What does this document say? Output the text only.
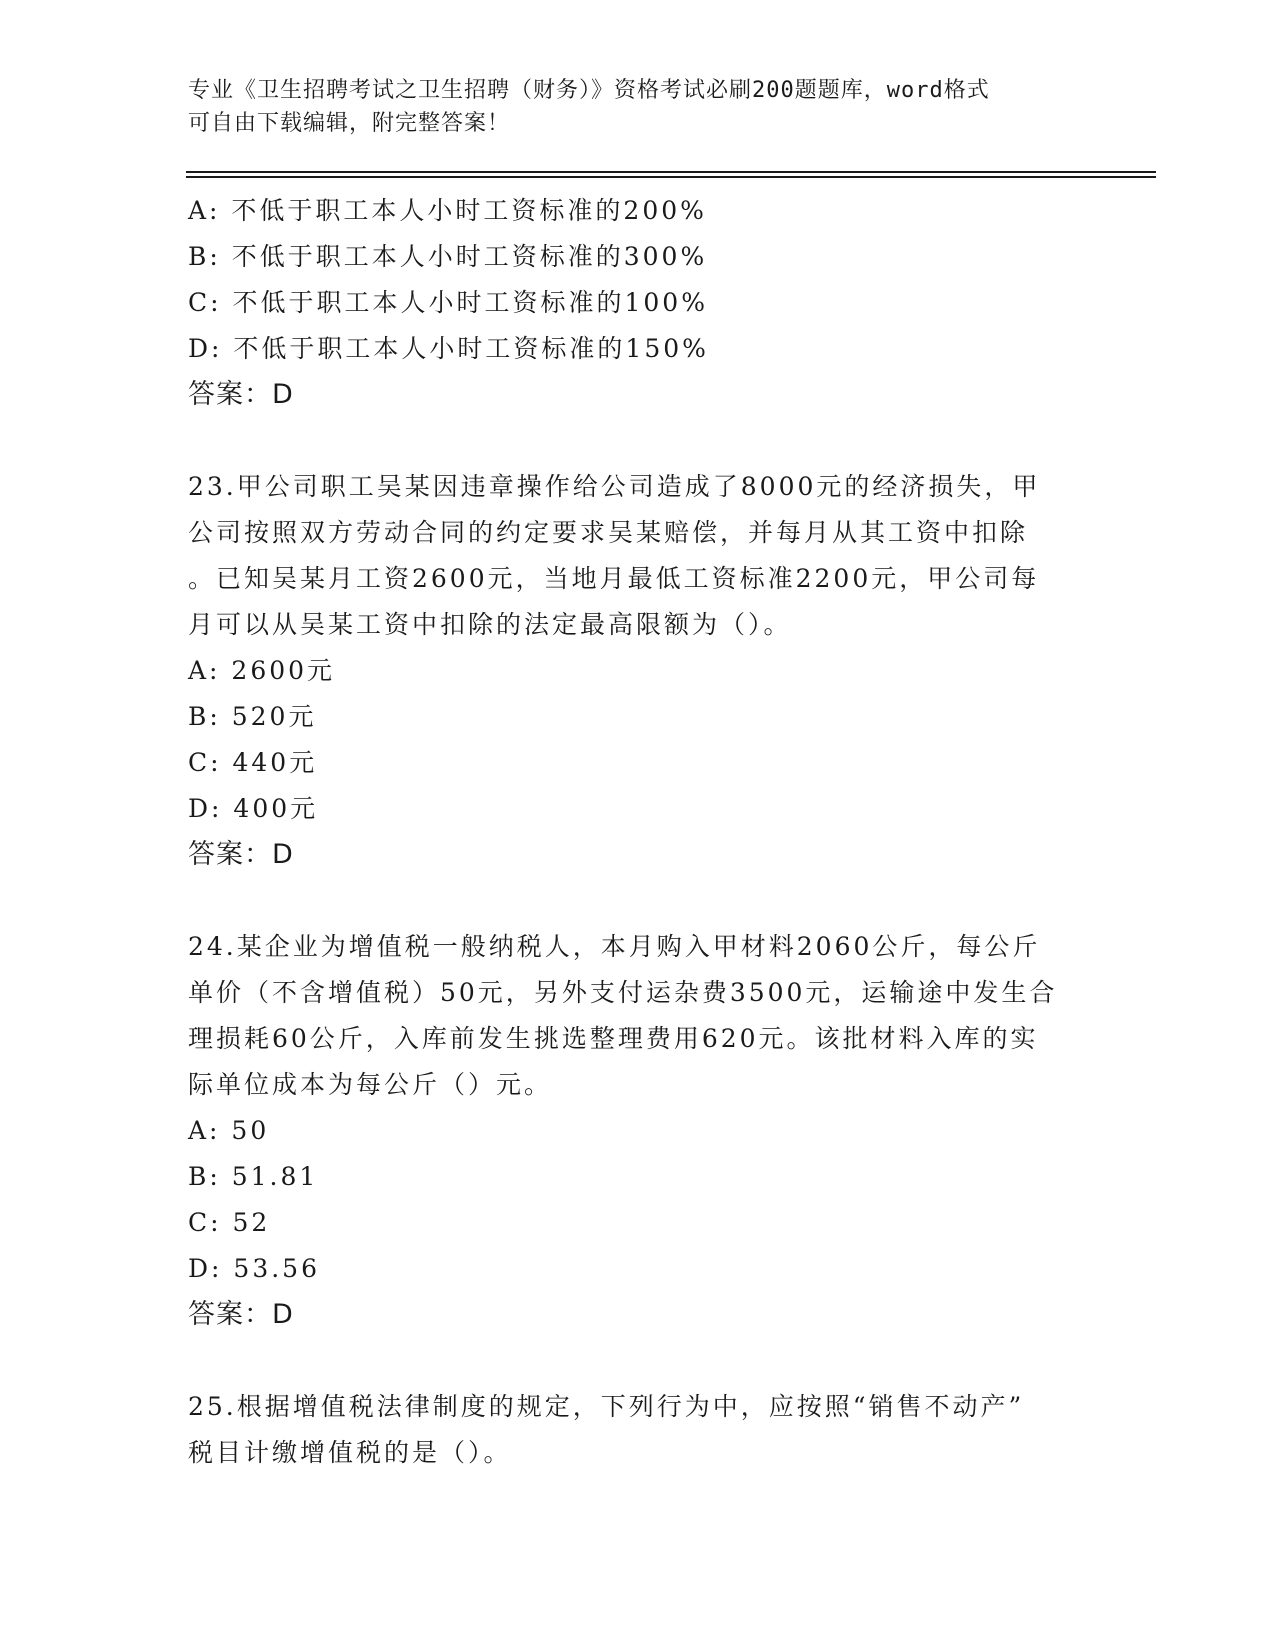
专业《卫生招聘考试之卫生招聘（财务）》资格考试必刷200题题库，word格式
可自由下载编辑，附完整答案！
A: 不低于职工本人小时工资标准的200%
B: 不低于职工本人小时工资标准的300%
C: 不低于职工本人小时工资标准的100%
D: 不低于职工本人小时工资标准的150%
答案：D
23.甲公司职工吴某因违章操作给公司造成了8000元的经济损失，甲
公司按照双方劳动合同的约定要求吴某赔偿，并每月从其工资中扣除
。已知吴某月工资2600元，当地月最低工资标准2200元，甲公司每
月可以从吴某工资中扣除的法定最高限额为（）。
A: 2600元
B: 520元
C: 440元
D: 400元
答案：D
24.某企业为增值税一般纳税人，本月购入甲材料2060公斤，每公斤
单价（不含增值税）50元，另外支付运杂费3500元，运输途中发生合
理损耗60公斤，入库前发生挑选整理费用620元。该批材料入库的实
际单位成本为每公斤（）元。
A: 50
B: 51.81
C: 52
D: 53.56
答案：D
25.根据增值税法律制度的规定，下列行为中，应按照“销售不动产”
税目计缴增值税的是（）。
